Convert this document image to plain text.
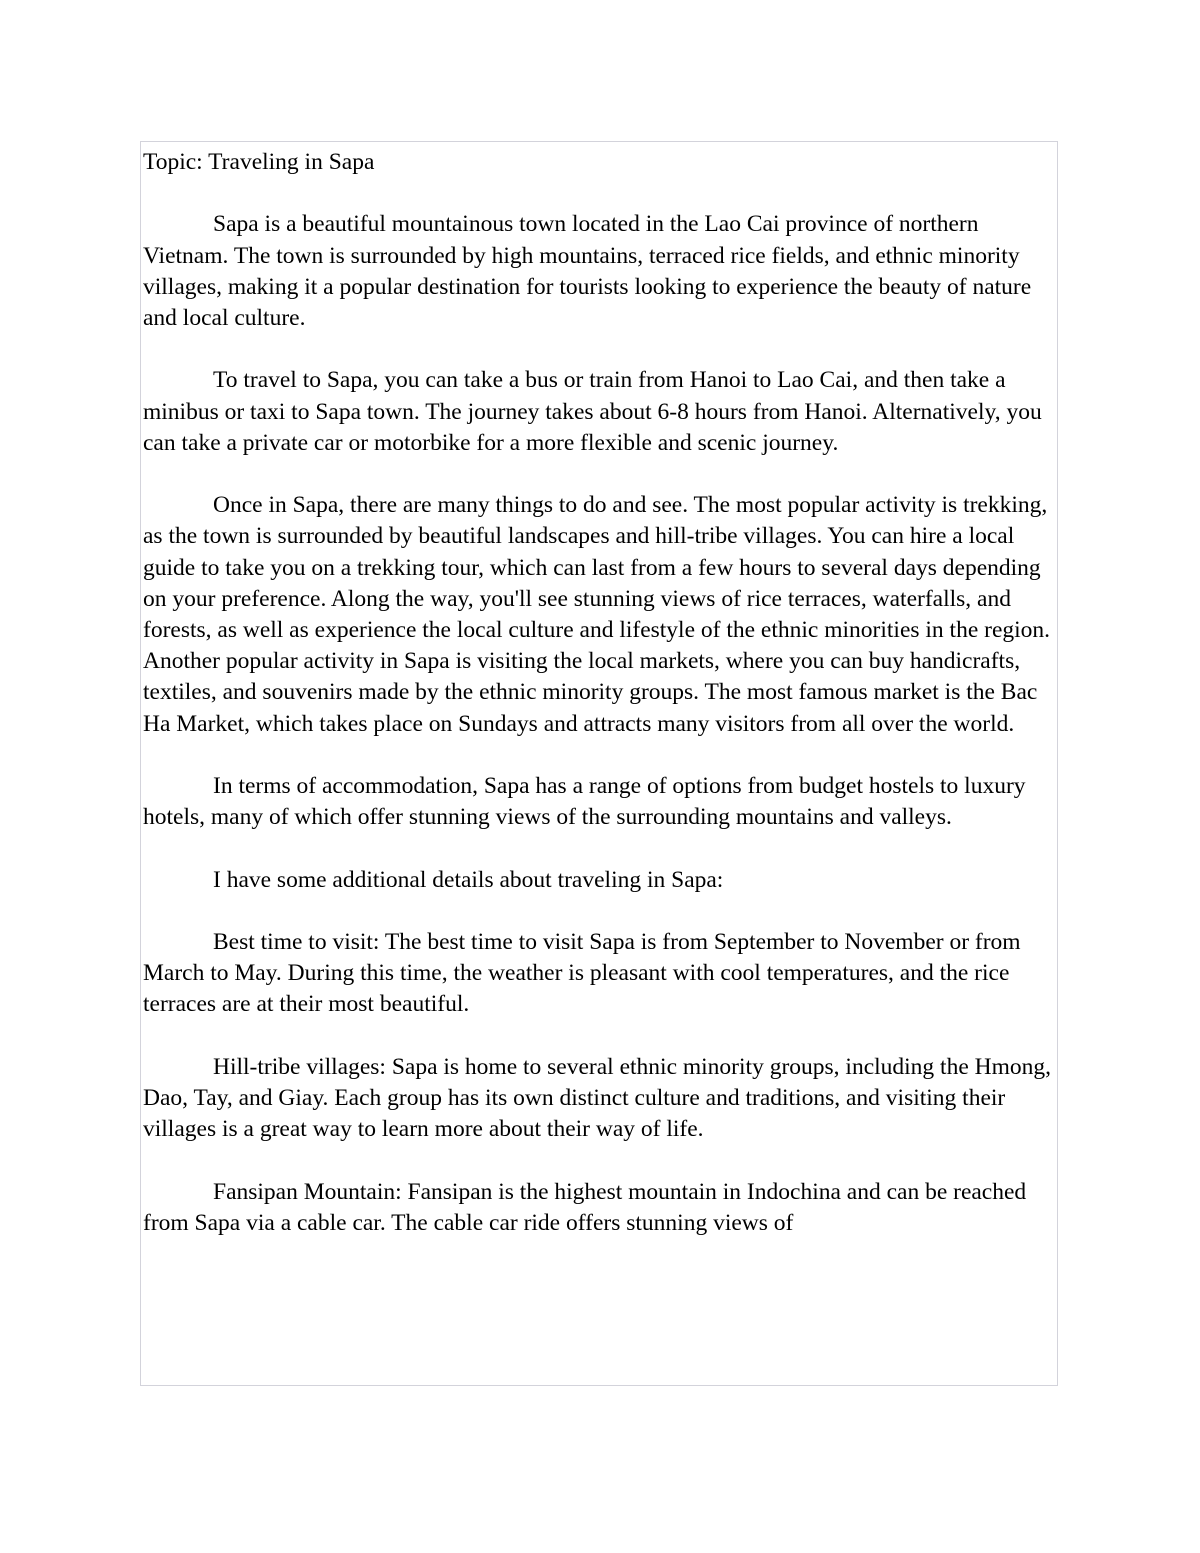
Topic: Traveling in Sapa

Sapa is a beautiful mountainous town located in the Lao Cai province of northern Vietnam. The town is surrounded by high mountains, terraced rice fields, and ethnic minority villages, making it a popular destination for tourists looking to experience the beauty of nature and local culture.

To travel to Sapa, you can take a bus or train from Hanoi to Lao Cai, and then take a minibus or taxi to Sapa town. The journey takes about 6-8 hours from Hanoi. Alternatively, you can take a private car or motorbike for a more flexible and scenic journey.

Once in Sapa, there are many things to do and see. The most popular activity is trekking, as the town is surrounded by beautiful landscapes and hill-tribe villages. You can hire a local guide to take you on a trekking tour, which can last from a few hours to several days depending on your preference. Along the way, you'll see stunning views of rice terraces, waterfalls, and forests, as well as experience the local culture and lifestyle of the ethnic minorities in the region. Another popular activity in Sapa is visiting the local markets, where you can buy handicrafts, textiles, and souvenirs made by the ethnic minority groups. The most famous market is the Bac Ha Market, which takes place on Sundays and attracts many visitors from all over the world.

In terms of accommodation, Sapa has a range of options from budget hostels to luxury hotels, many of which offer stunning views of the surrounding mountains and valleys.

I have some additional details about traveling in Sapa:

Best time to visit: The best time to visit Sapa is from September to November or from March to May. During this time, the weather is pleasant with cool temperatures, and the rice terraces are at their most beautiful.

Hill-tribe villages: Sapa is home to several ethnic minority groups, including the Hmong, Dao, Tay, and Giay. Each group has its own distinct culture and traditions, and visiting their villages is a great way to learn more about their way of life.

Fansipan Mountain: Fansipan is the highest mountain in Indochina and can be reached from Sapa via a cable car. The cable car ride offers stunning views of
